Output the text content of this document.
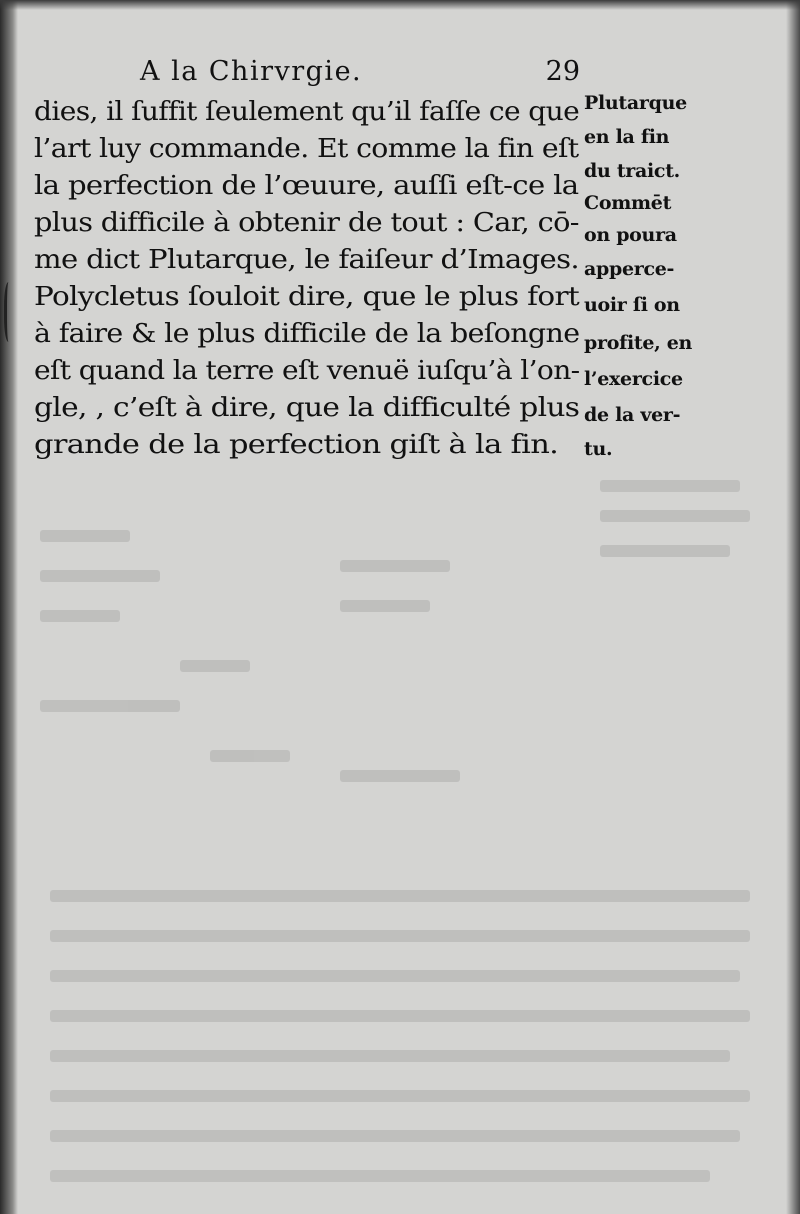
A la Chirvrgie.	29
dies, il ſuffit ſeulement qu’il faſſe ce que
l’art luy commande. Et comme la fin eſt
la perfection de l’œuure, auſſi eſt-ce la
plus difficile à obtenir de tout : Car, cō-
me dict Plutarque, le faiſeur d’Images.
Polycletus ſouloit dire, que le plus fort
à faire & le plus difficile de la beſongne
eſt quand la terre eſt venuë iuſqu’à l’on-
gle, , c’eſt à dire, que la difficulté plus
grande de la perfection giſt à la fin.
Plutarque
en la fin
du traict.
Commēt
on poura
apperce-
uoir ſi on
profite, en
l’exercice
de la ver-
tu.
